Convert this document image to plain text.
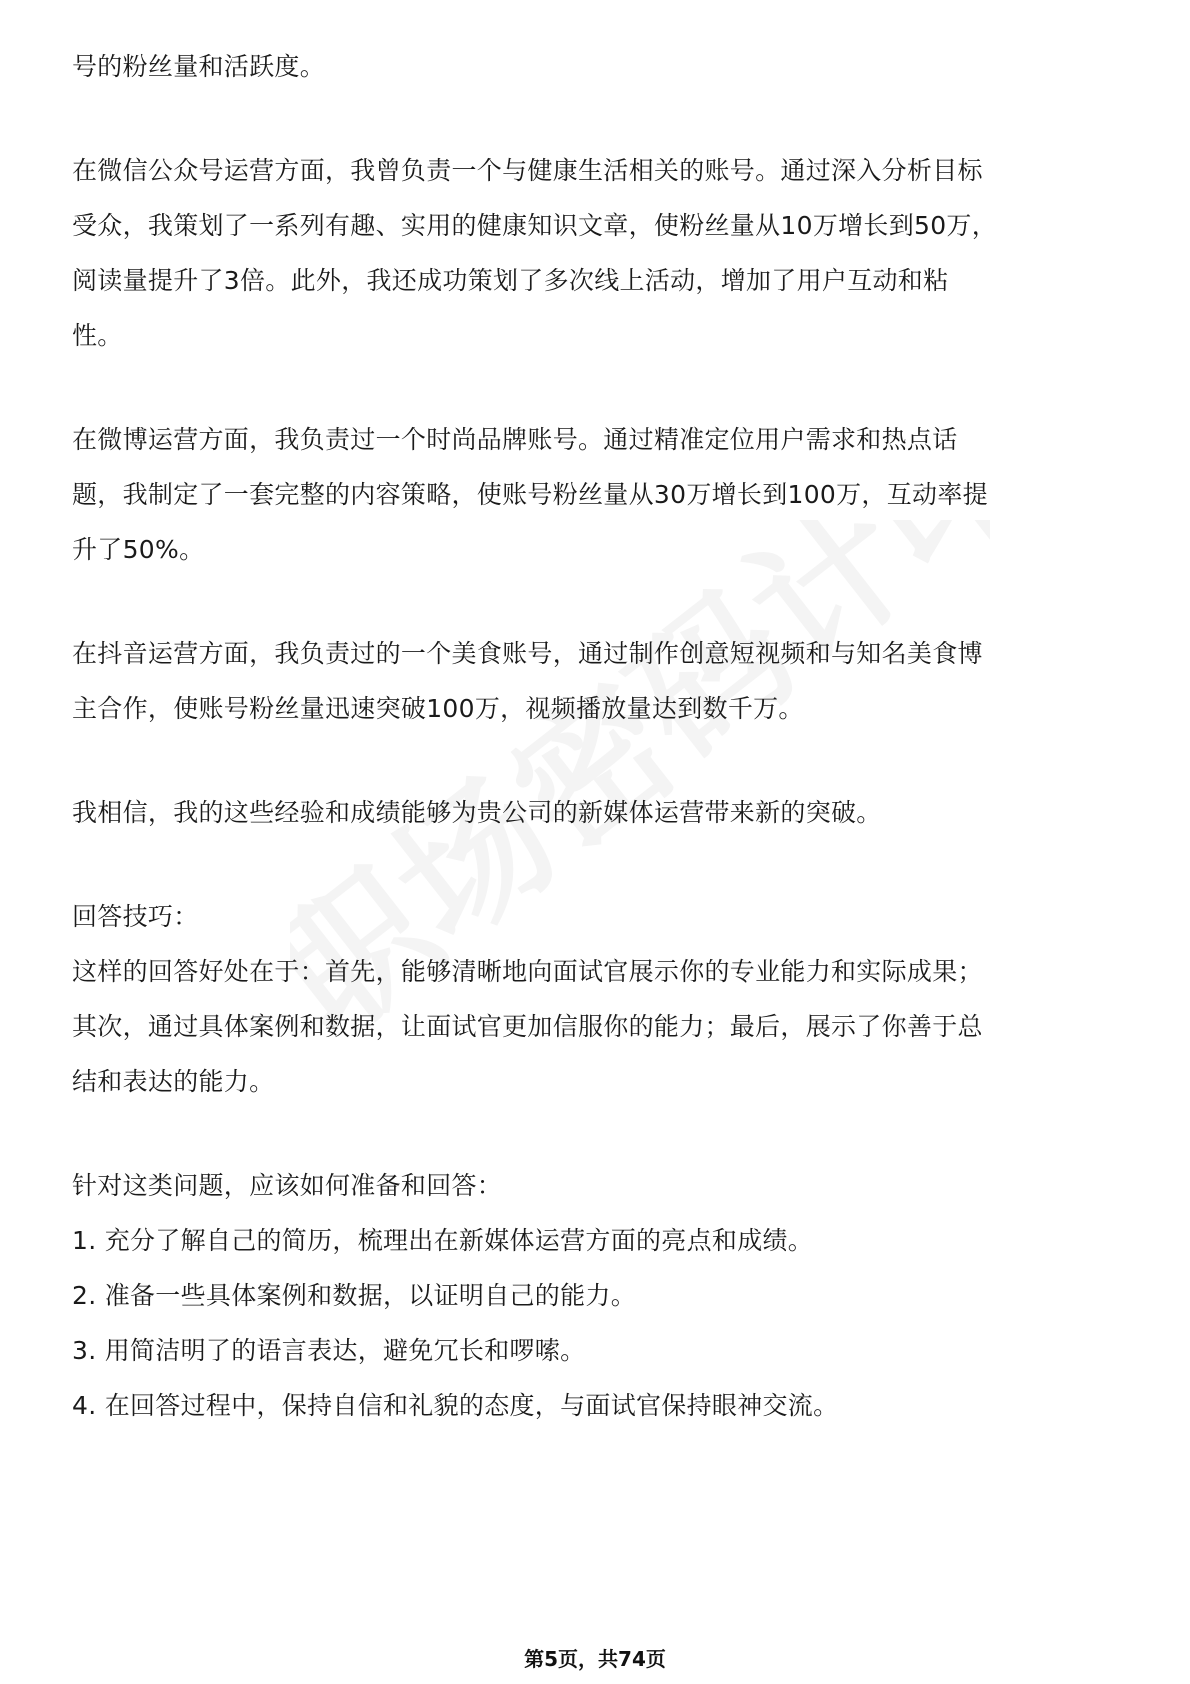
职场密码计印
号的粉丝量和活跃度。
在微信公众号运营方面，我曾负责一个与健康生活相关的账号。通过深入分析目标
受众，我策划了一系列有趣、实用的健康知识文章，使粉丝量从10万增长到50万，
阅读量提升了3倍。此外，我还成功策划了多次线上活动，增加了用户互动和粘
性。
在微博运营方面，我负责过一个时尚品牌账号。通过精准定位用户需求和热点话
题，我制定了一套完整的内容策略，使账号粉丝量从30万增长到100万，互动率提
升了50%。
在抖音运营方面，我负责过的一个美食账号，通过制作创意短视频和与知名美食博
主合作，使账号粉丝量迅速突破100万，视频播放量达到数千万。
我相信，我的这些经验和成绩能够为贵公司的新媒体运营带来新的突破。
回答技巧：
这样的回答好处在于：首先，能够清晰地向面试官展示你的专业能力和实际成果；
其次，通过具体案例和数据，让面试官更加信服你的能力；最后，展示了你善于总
结和表达的能力。
针对这类问题，应该如何准备和回答：
1. 充分了解自己的简历，梳理出在新媒体运营方面的亮点和成绩。
2. 准备一些具体案例和数据，以证明自己的能力。
3. 用简洁明了的语言表达，避免冗长和啰嗦。
4. 在回答过程中，保持自信和礼貌的态度，与面试官保持眼神交流。
第5页，共74页
